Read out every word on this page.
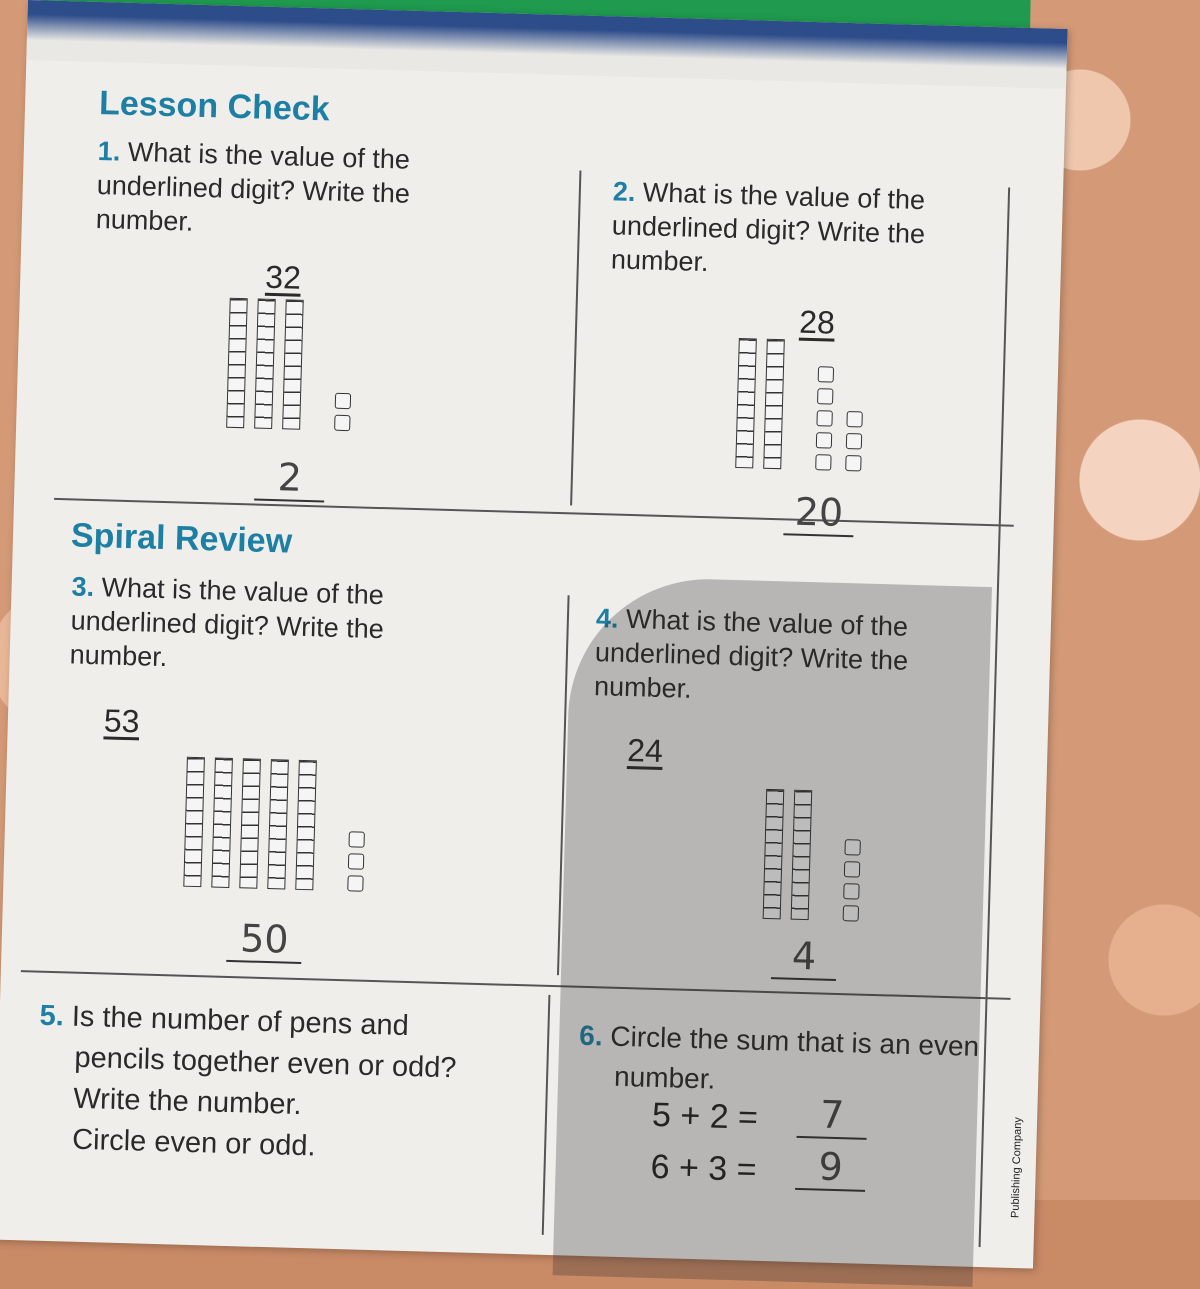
Lesson Check
1. What is the value of the underlined digit? Write the number.
32
2
2. What is the value of the underlined digit? Write the number.
28
20
Spiral Review
3. What is the value of the underlined digit? Write the number.
53
50
4. What is the value of the underlined digit? Write the number.
24
4
5. Is the number of pens and
pencils together even or odd?
Write the number.
Circle even or odd.
6. Circle the sum that is an even
number.
5 + 2 =	7
6 + 3 =	9	Publishing Company
